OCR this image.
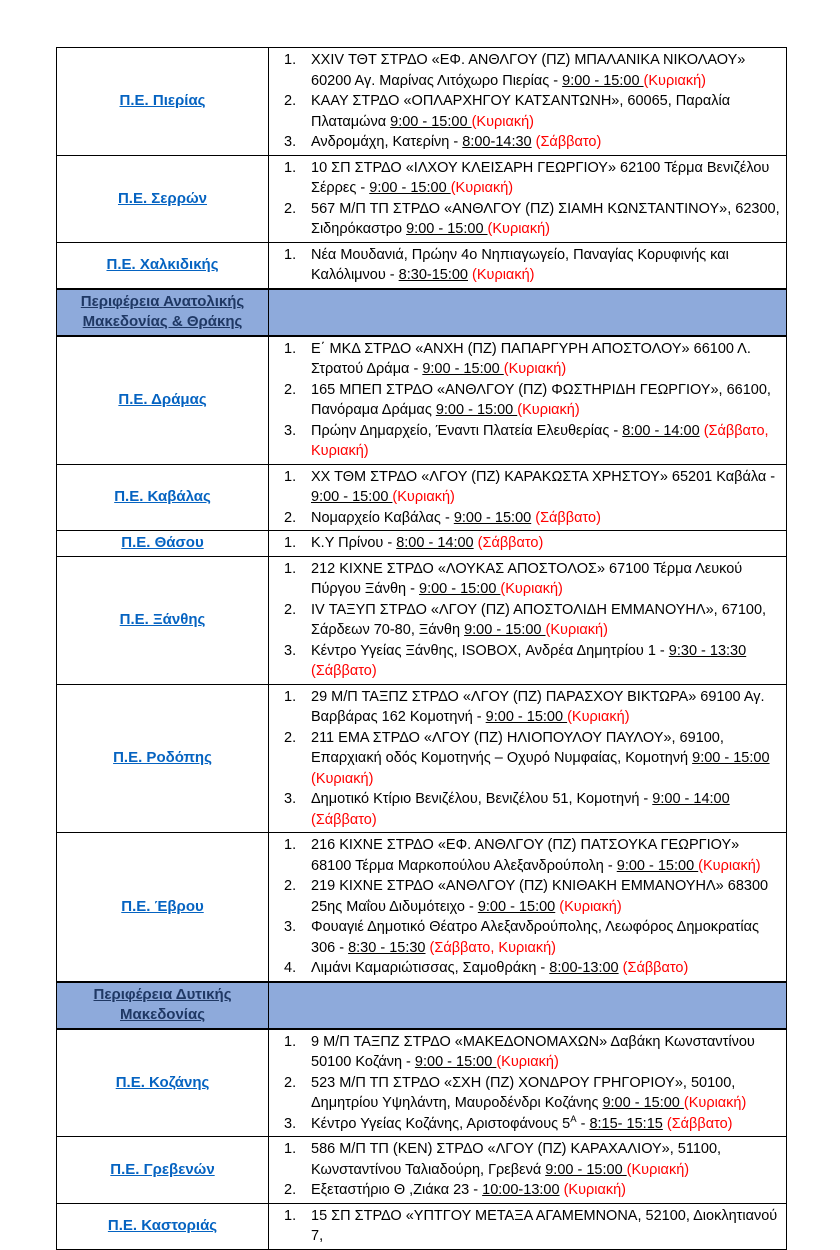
Π.Ε. Πιερίας	
1.	XXIV ΤΘΤ ΣΤΡΔΟ «ΕΦ. ΑΝΘΛΓΟΥ (ΠΖ) ΜΠΑΛΑΝΙΚΑ ΝΙΚΟΛΑΟΥ» 60200 Αγ. Μαρίνας Λιτόχωρο Πιερίας - 9:00 - 15:00 (Κυριακή)
2.	ΚΑΑΥ ΣΤΡΔΟ «ΟΠΛΑΡΧΗΓΟΥ ΚΑΤΣΑΝΤΩΝΗ», 60065, Παραλία Πλαταμώνα 9:00 - 15:00 (Κυριακή)
3.	Ανδρομάχη, Κατερίνη - 8:00-14:30 (Σάββατο)

Π.Ε. Σερρών	
1.	10 ΣΠ ΣΤΡΔΟ «ΙΛΧΟΥ ΚΛΕΙΣΑΡΗ ΓΕΩΡΓΙΟΥ» 62100 Τέρμα Βενιζέλου Σέρρες - 9:00 - 15:00 (Κυριακή)
2.	567 Μ/Π ΤΠ ΣΤΡΔΟ «ΑΝΘΛΓΟΥ (ΠΖ) ΣΙΑΜΗ ΚΩΝΣΤΑΝΤΙΝΟΥ», 62300, Σιδηρόκαστρο 9:00 - 15:00 (Κυριακή)

Π.Ε. Χαλκιδικής	
1.	Νέα Μουδανιά, Πρώην 4ο Νηπιαγωγείο, Παναγίας Κορυφινής και Καλόλιμνου - 8:30-15:00 (Κυριακή)

Περιφέρεια Ανατολικής
Μακεδονίας & Θράκης	

Π.Ε. Δράμας	
1.	Ε΄ ΜΚΔ ΣΤΡΔΟ «ΑΝΧΗ (ΠΖ) ΠΑΠΑΡΓΥΡΗ ΑΠΟΣΤΟΛΟΥ» 66100 Λ. Στρατού Δράμα - 9:00 - 15:00 (Κυριακή)
2.	165 ΜΠΕΠ ΣΤΡΔΟ «ΑΝΘΛΓΟΥ (ΠΖ) ΦΩΣΤΗΡΙΔΗ ΓΕΩΡΓΙΟΥ», 66100, Πανόραμα Δράμας 9:00 - 15:00 (Κυριακή)
3.	Πρώην Δημαρχείο, Έναντι Πλατεία Ελευθερίας - 8:00 - 14:00 (Σάββατο, Κυριακή)

Π.Ε. Καβάλας	
1.	ΧΧ ΤΘΜ ΣΤΡΔΟ «ΛΓΟΥ (ΠΖ) ΚΑΡΑΚΩΣΤΑ ΧΡΗΣΤΟΥ» 65201 Καβάλα - 9:00 - 15:00 (Κυριακή)
2.	Νομαρχείο Καβάλας - 9:00 - 15:00 (Σάββατο)

Π.Ε. Θάσου	1.	Κ.Υ Πρίνου - 8:00 - 14:00 (Σάββατο)

Π.Ε. Ξάνθης	
1.	212 ΚΙΧΝΕ ΣΤΡΔΟ «ΛΟΥΚΑΣ ΑΠΟΣΤΟΛΟΣ» 67100 Τέρμα Λευκού Πύργου Ξάνθη - 9:00 - 15:00 (Κυριακή)
2.	IV ΤΑΞΥΠ ΣΤΡΔΟ «ΛΓΟΥ (ΠΖ) ΑΠΟΣΤΟΛΙΔΗ ΕΜΜΑΝΟΥΗΛ», 67100, Σάρδεων 70-80, Ξάνθη 9:00 - 15:00 (Κυριακή)
3.	Κέντρο Υγείας Ξάνθης, ISOBOX, Ανδρέα Δημητρίου 1 - 9:30 - 13:30 (Σάββατο)

Π.Ε. Ροδόπης	
1.	29 Μ/Π ΤΑΞΠΖ ΣΤΡΔΟ «ΛΓΟΥ (ΠΖ) ΠΑΡΑΣΧΟΥ ΒΙΚΤΩΡΑ» 69100 Αγ. Βαρβάρας 162 Κομοτηνή - 9:00 - 15:00 (Κυριακή)
2.	211 ΕΜΑ ΣΤΡΔΟ «ΛΓΟΥ (ΠΖ) ΗΛΙΟΠΟΥΛΟΥ ΠΑΥΛΟΥ», 69100, Επαρχιακή οδός Κομοτηνής – Οχυρό Νυμφαίας, Κομοτηνή 9:00 - 15:00 (Κυριακή)
3.	Δημοτικό Κτίριο Βενιζέλου, Βενιζέλου 51, Κομοτηνή - 9:00 - 14:00 (Σάββατο)

Π.Ε. Έβρου	
1.	216 ΚΙΧΝΕ ΣΤΡΔΟ «ΕΦ. ΑΝΘΛΓΟΥ (ΠΖ) ΠΑΤΣΟΥΚΑ ΓΕΩΡΓΙΟΥ» 68100 Τέρμα Μαρκοπούλου Αλεξανδρούπολη - 9:00 - 15:00 (Κυριακή)
2.	219 ΚΙΧΝΕ ΣΤΡΔΟ «ΑΝΘΛΓΟΥ (ΠΖ) ΚΝΙΘΑΚΗ ΕΜΜΑΝΟΥΗΛ» 68300 25ης Μαΐου Διδυμότειχο - 9:00 - 15:00 (Κυριακή)
3.	Φουαγιέ Δημοτικό Θέατρο Αλεξανδρούπολης, Λεωφόρος Δημοκρατίας 306 - 8:30 - 15:30 (Σάββατο, Κυριακή)
4.	Λιμάνι Καμαριώτισσας, Σαμοθράκη - 8:00-13:00 (Σάββατο)

Περιφέρεια Δυτικής
Μακεδονίας	

Π.Ε. Κοζάνης	
1.	9 Μ/Π ΤΑΞΠΖ ΣΤΡΔΟ «ΜΑΚΕΔΟΝΟΜΑΧΩΝ» Δαβάκη Κωνσταντίνου 50100 Κοζάνη - 9:00 - 15:00 (Κυριακή)
2.	523 Μ/Π ΤΠ ΣΤΡΔΟ «ΣΧΗ (ΠΖ) ΧΟΝΔΡΟΥ ΓΡΗΓΟΡΙΟΥ», 50100, Δημητρίου Υψηλάντη, Μαυροδένδρι Κοζάνης 9:00 - 15:00 (Κυριακή)
3.	Κέντρο Υγείας Κοζάνης, Αριστοφάνους $5^A$ - 8:15- 15:15 (Σάββατο)

Π.Ε. Γρεβενών	
1.	586 Μ/Π ΤΠ (ΚΕΝ) ΣΤΡΔΟ «ΛΓΟΥ (ΠΖ) ΚΑΡΑΧΑΛΙΟΥ», 51100, Κωνσταντίνου Ταλιαδούρη, Γρεβενά 9:00 - 15:00 (Κυριακή)
2.	Εξεταστήριο Θ ,Ζιάκα 23 - 10:00-13:00 (Κυριακή)

Π.Ε. Καστοριάς	
1.	15 ΣΠ ΣΤΡΔΟ «ΥΠΤΓΟΥ ΜΕΤΑΞΑ ΑΓΑΜΕΜΝΟΝΑ, 52100, Διοκλητιανού 7,
